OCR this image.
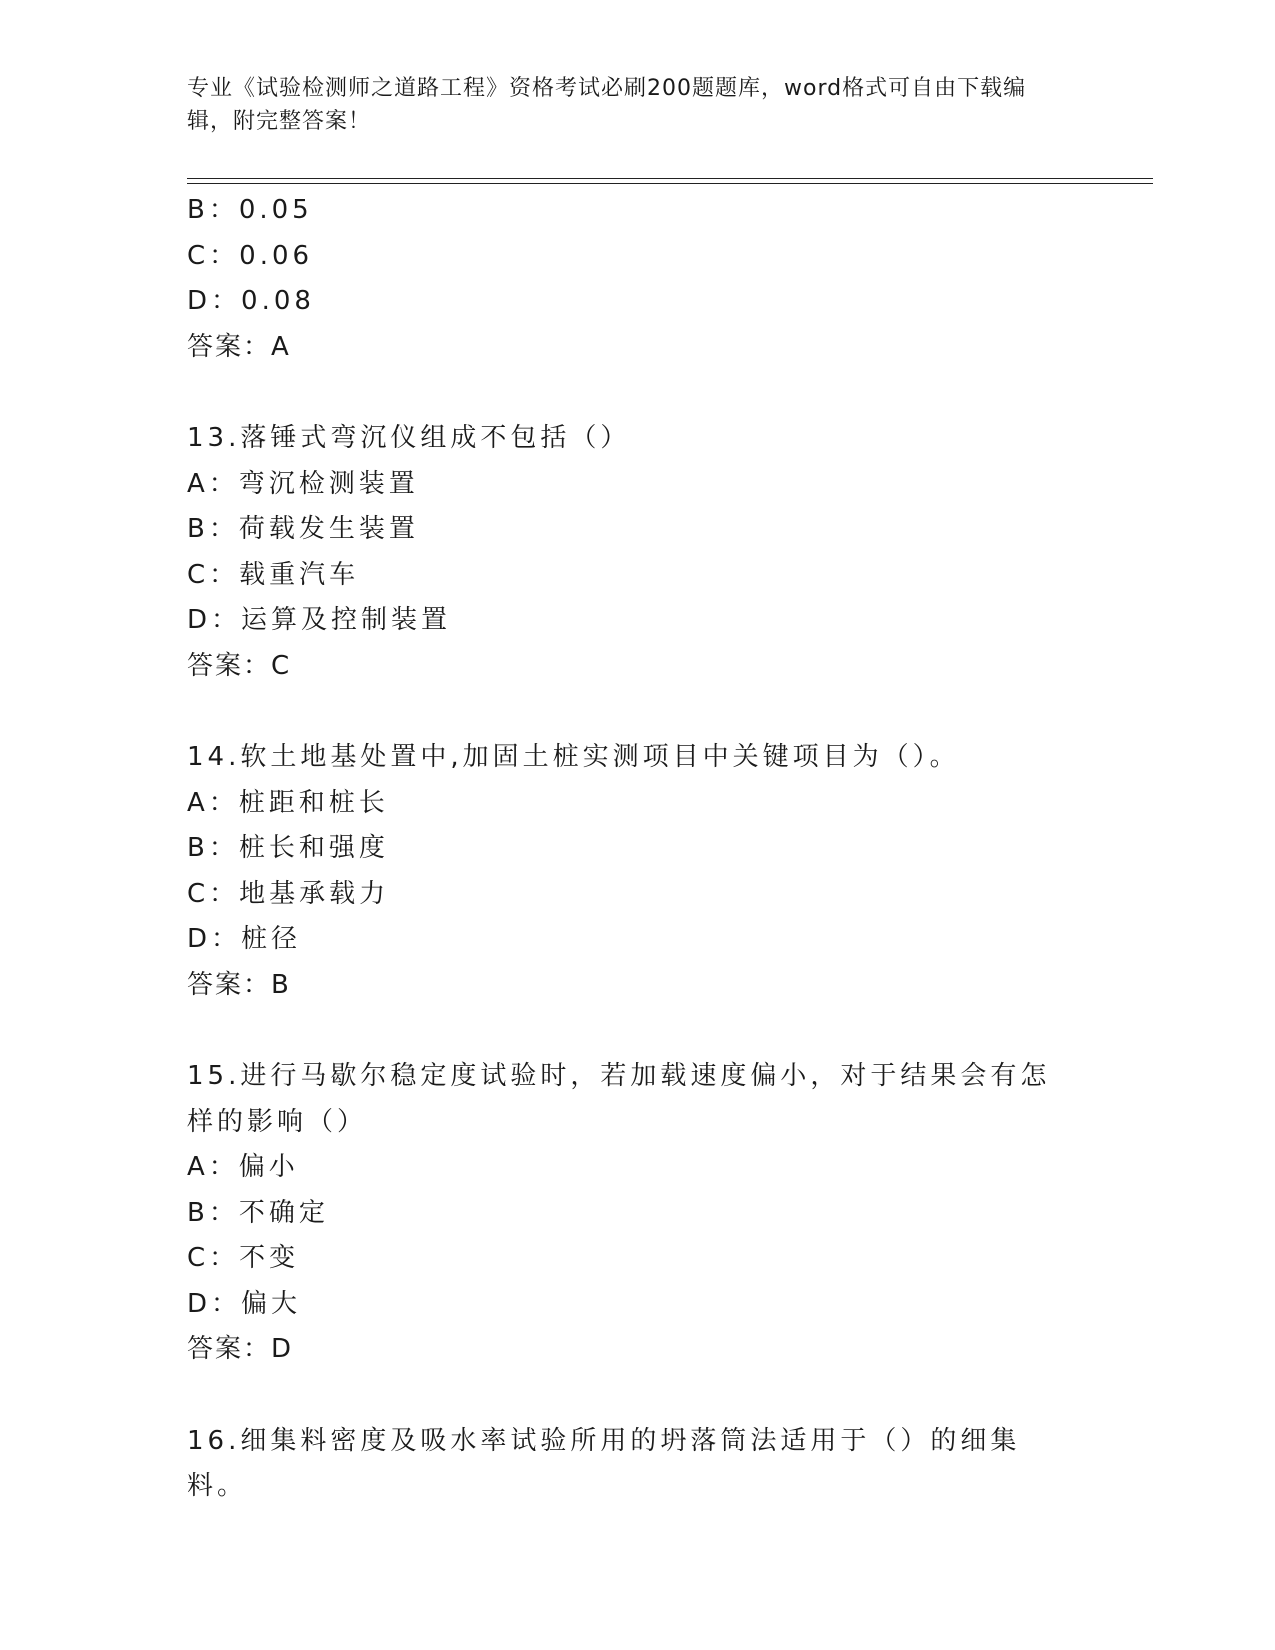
专业《试验检测师之道路工程》资格考试必刷200题题库，word格式可自由下载编辑，附完整答案！
B：0.05
C：0.06
D：0.08
答案：A
13.落锤式弯沉仪组成不包括（）
A：弯沉检测装置
B：荷载发生装置
C：载重汽车
D：运算及控制装置
答案：C
14.软土地基处置中,加固土桩实测项目中关键项目为（）。
A：桩距和桩长
B：桩长和强度
C：地基承载力
D：桩径
答案：B
15.进行马歇尔稳定度试验时，若加载速度偏小，对于结果会有怎样的影响（）
A：偏小
B：不确定
C：不变
D：偏大
答案：D
16.细集料密度及吸水率试验所用的坍落筒法适用于（）的细集料。
